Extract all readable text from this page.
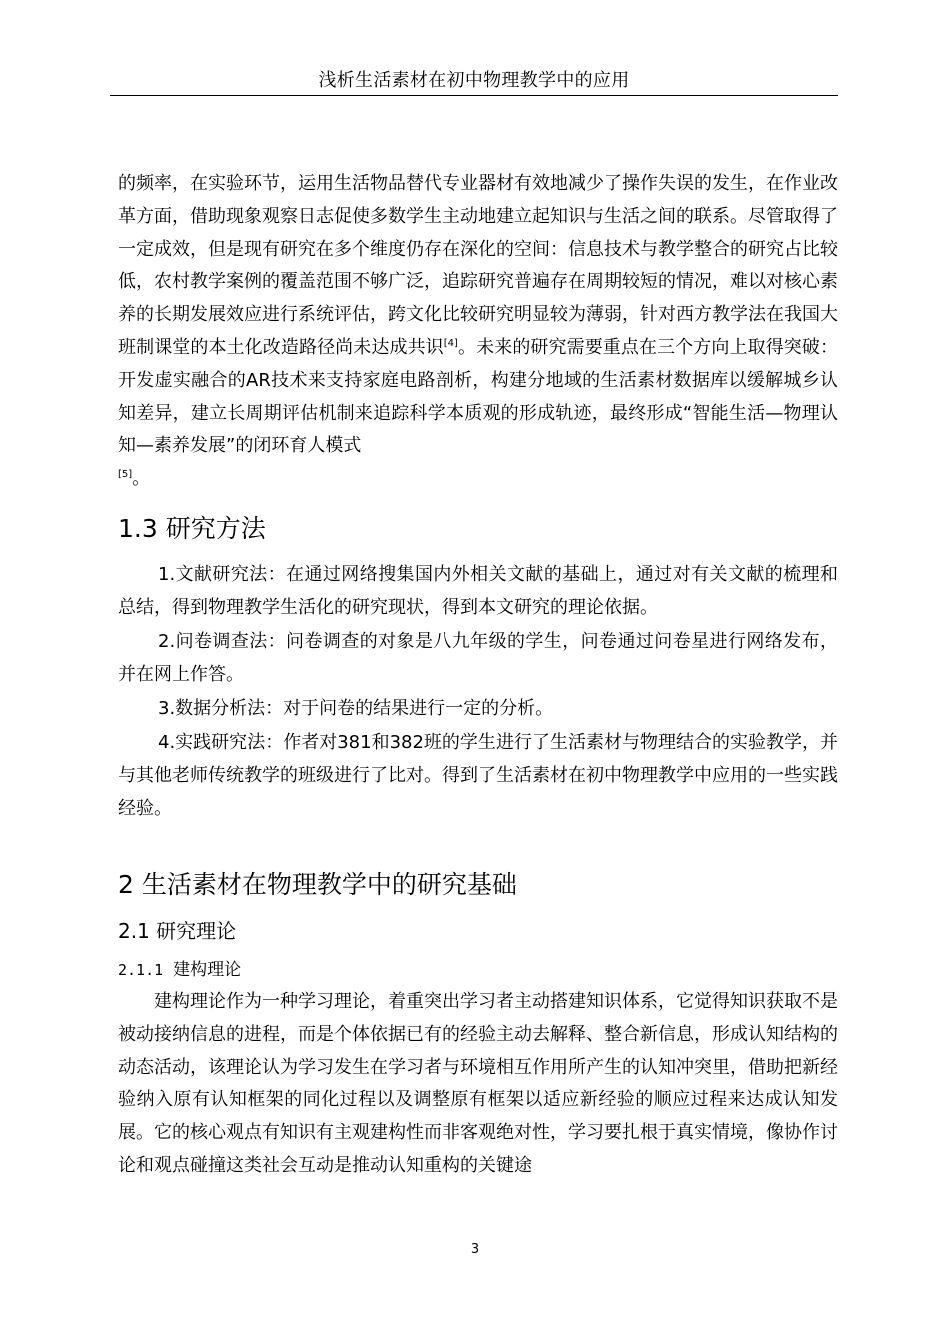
浅析生活素材在初中物理教学中的应用
的频率，在实验环节，运用生活物品替代专业器材有效地减少了操作失误的发生，在作业改革方面，借助现象观察日志促使多数学生主动地建立起知识与生活之间的联系。尽管取得了一定成效，但是现有研究在多个维度仍存在深化的空间：信息技术与教学整合的研究占比较低，农村教学案例的覆盖范围不够广泛，追踪研究普遍存在周期较短的情况，难以对核心素养的长期发展效应进行系统评估，跨文化比较研究明显较为薄弱，针对西方教学法在我国大班制课堂的本土化改造路径尚未达成共识[4]。未来的研究需要重点在三个方向上取得突破：开发虚实融合的AR技术来支持家庭电路剖析，构建分地域的生活素材数据库以缓解城乡认知差异，建立长周期评估机制来追踪科学本质观的形成轨迹，最终形成“智能生活—物理认知—素养发展”的闭环育人模式
[5]。
1.3 研究方法

1.文献研究法：在通过网络搜集国内外相关文献的基础上，通过对有关文献的梳理和总结，得到物理教学生活化的研究现状，得到本文研究的理论依据。

2.问卷调查法：问卷调查的对象是八九年级的学生，问卷通过问卷星进行网络发布，并在网上作答。

3.数据分析法：对于问卷的结果进行一定的分析。

4.实践研究法：作者对381和382班的学生进行了生活素材与物理结合的实验教学，并与其他老师传统教学的班级进行了比对。得到了生活素材在初中物理教学中应用的一些实践经验。

2 生活素材在物理教学中的研究基础
2.1 研究理论
2.1.1 建构理论
建构理论作为一种学习理论，着重突出学习者主动搭建知识体系，它觉得知识获取不是被动接纳信息的进程，而是个体依据已有的经验主动去解释、整合新信息，形成认知结构的动态活动，该理论认为学习发生在学习者与环境相互作用所产生的认知冲突里，借助把新经验纳入原有认知框架的同化过程以及调整原有框架以适应新经验的顺应过程来达成认知发展。它的核心观点有知识有主观建构性而非客观绝对性，学习要扎根于真实情境，像协作讨论和观点碰撞这类社会互动是推动认知重构的关键途
3
